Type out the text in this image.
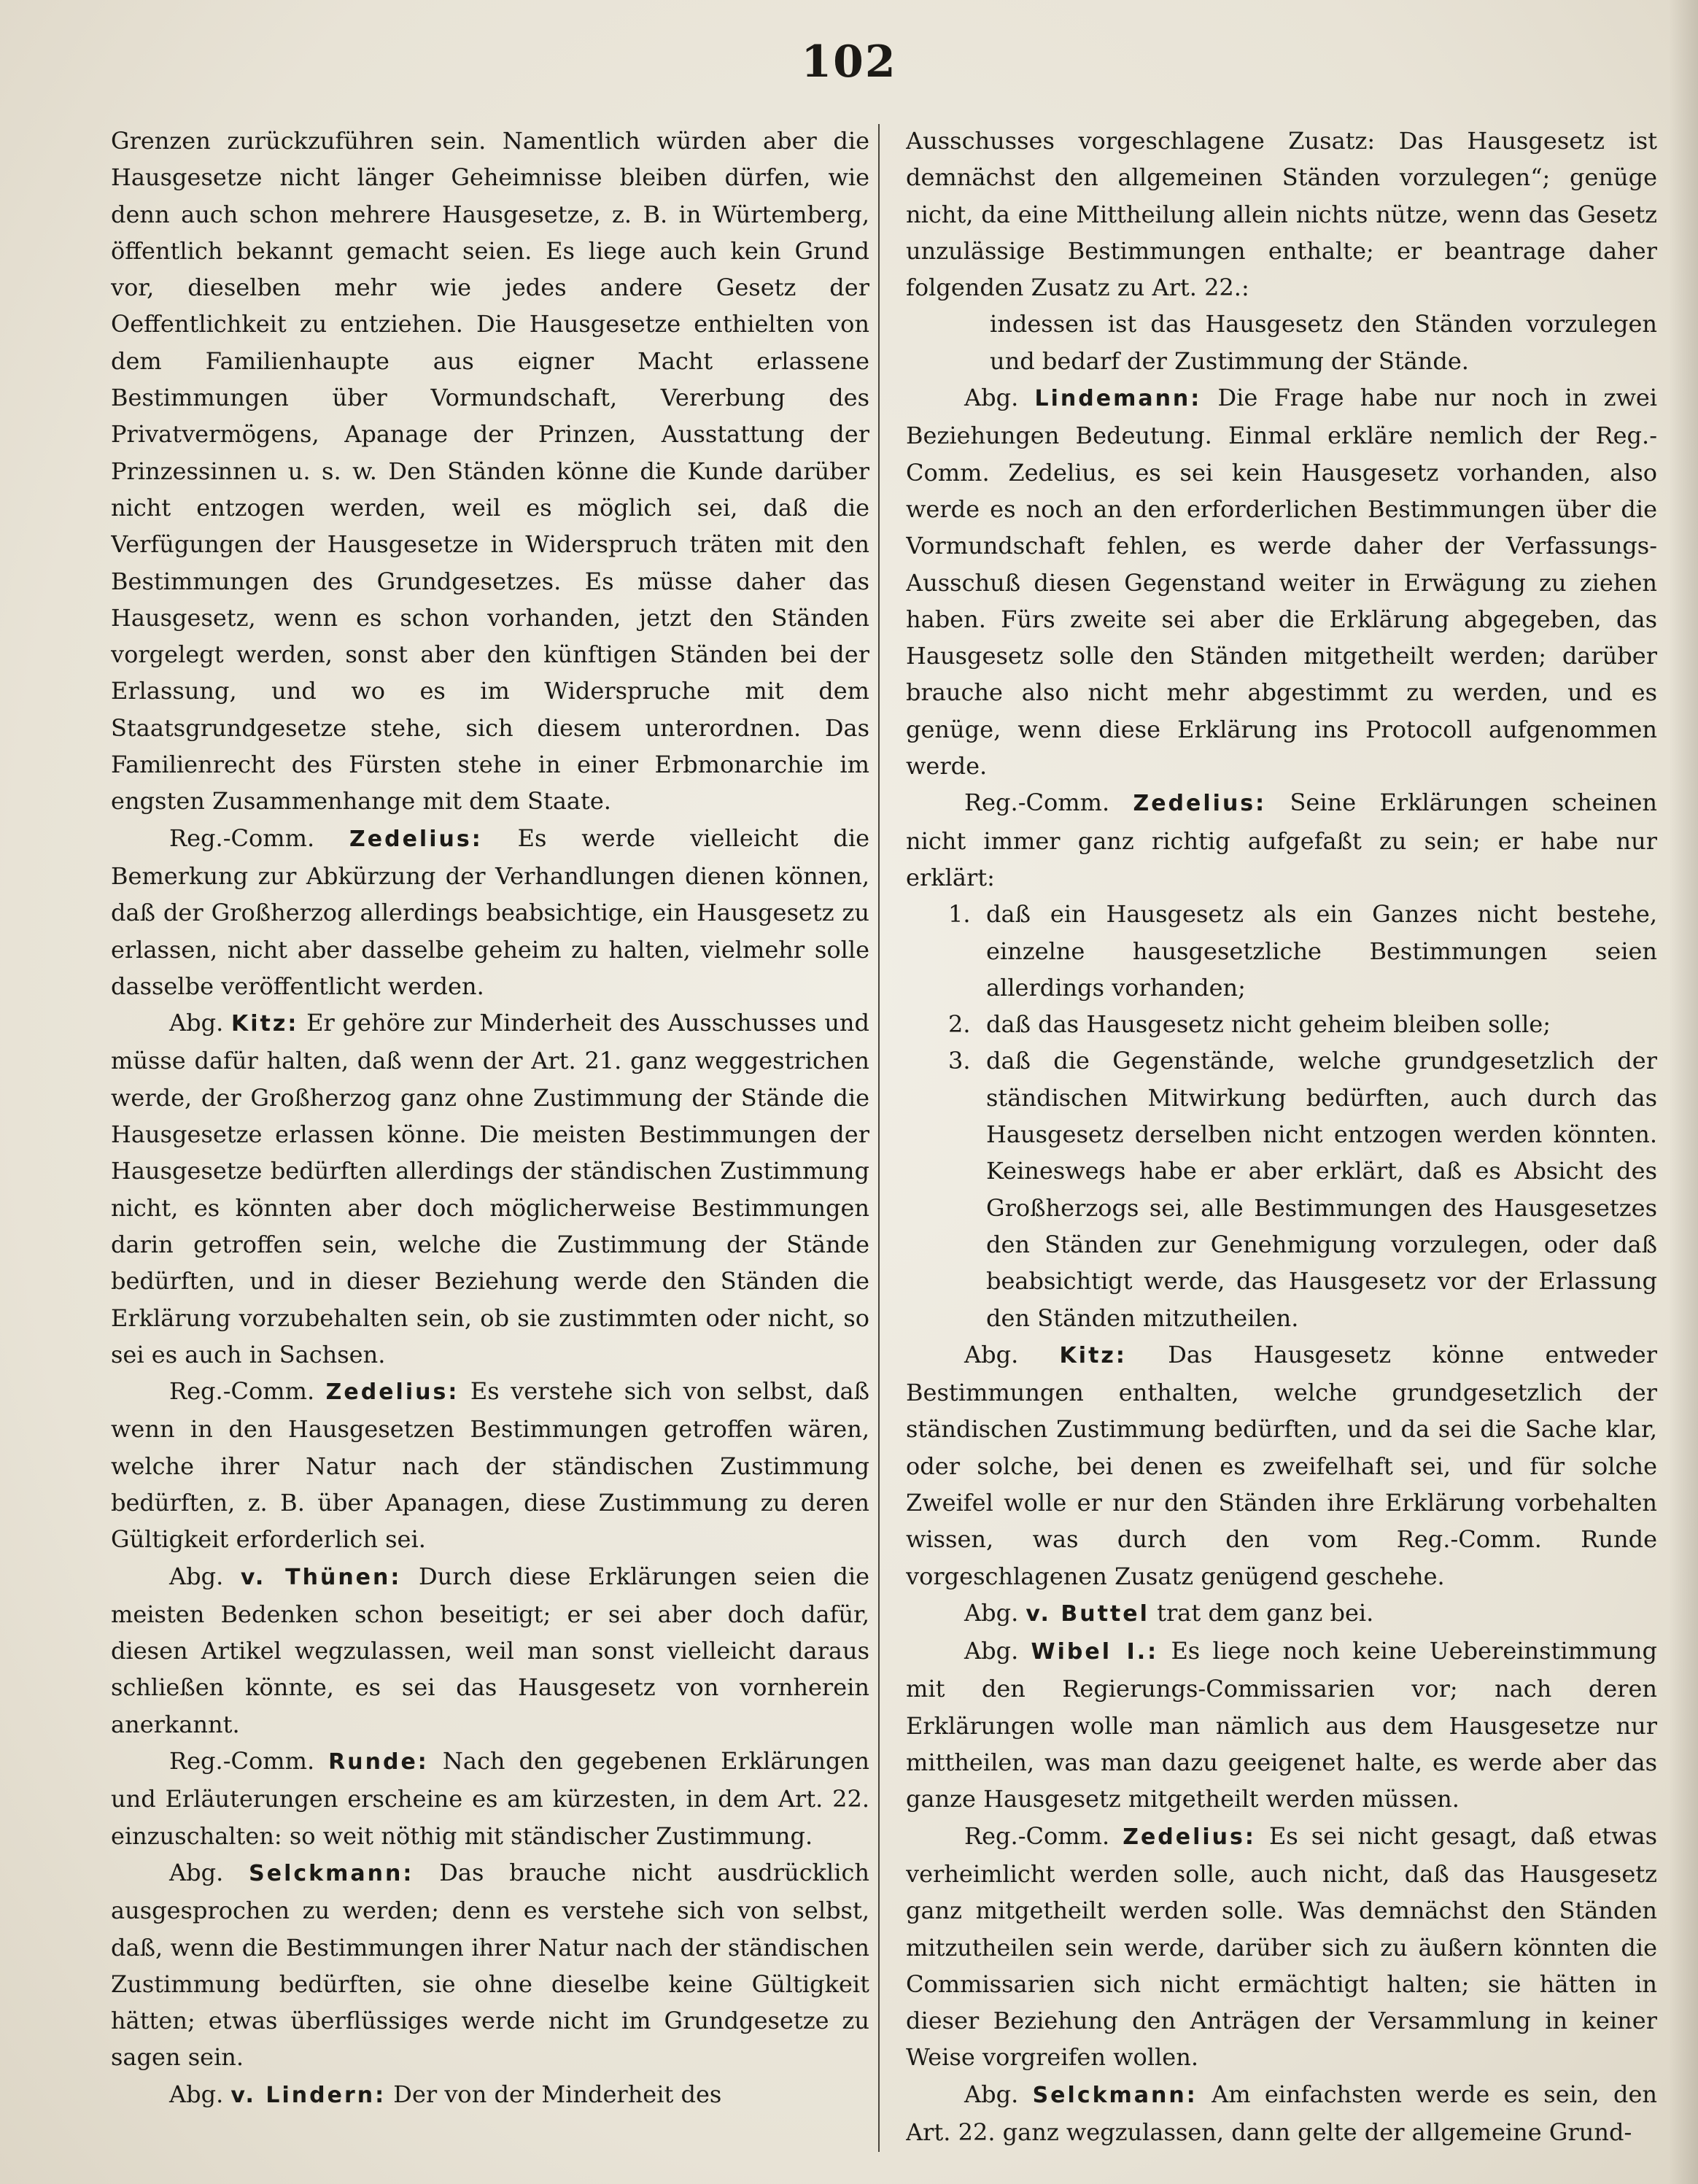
102

Grenzen zurückzuführen sein. Namentlich würden aber die Hausgesetze nicht länger Geheimnisse bleiben dürfen, wie denn auch schon mehrere Hausgesetze, z. B. in Würtemberg, öffentlich bekannt gemacht seien. Es liege auch kein Grund vor, dieselben mehr wie jedes andere Gesetz der Oeffentlichkeit zu entziehen. Die Hausgesetze enthielten von dem Familienhaupte aus eigner Macht erlassene Bestimmungen über Vormundschaft, Vererbung des Privatvermögens, Apanage der Prinzen, Ausstattung der Prinzessinnen u. s. w. Den Ständen könne die Kunde darüber nicht entzogen werden, weil es möglich sei, daß die Verfügungen der Hausgesetze in Widerspruch träten mit den Bestimmungen des Grundgesetzes. Es müsse daher das Hausgesetz, wenn es schon vorhanden, jetzt den Ständen vorgelegt werden, sonst aber den künftigen Ständen bei der Erlassung, und wo es im Widerspruche mit dem Staatsgrundgesetze stehe, sich diesem unterordnen. Das Familienrecht des Fürsten stehe in einer Erbmonarchie im engsten Zusammenhange mit dem Staate.

Reg.-Comm. Zedelius: Es werde vielleicht die Bemerkung zur Abkürzung der Verhandlungen dienen können, daß der Großherzog allerdings beabsichtige, ein Hausgesetz zu erlassen, nicht aber dasselbe geheim zu halten, vielmehr solle dasselbe veröffentlicht werden.

Abg. Kitz: Er gehöre zur Minderheit des Ausschusses und müsse dafür halten, daß wenn der Art. 21. ganz weggestrichen werde, der Großherzog ganz ohne Zustimmung der Stände die Hausgesetze erlassen könne. Die meisten Bestimmungen der Hausgesetze bedürften allerdings der ständischen Zustimmung nicht, es könnten aber doch möglicherweise Bestimmungen darin getroffen sein, welche die Zustimmung der Stände bedürften, und in dieser Beziehung werde den Ständen die Erklärung vorzubehalten sein, ob sie zustimmten oder nicht, so sei es auch in Sachsen.

Reg.-Comm. Zedelius: Es verstehe sich von selbst, daß wenn in den Hausgesetzen Bestimmungen getroffen wären, welche ihrer Natur nach der ständischen Zustimmung bedürften, z. B. über Apanagen, diese Zustimmung zu deren Gültigkeit erforderlich sei.

Abg. v. Thünen: Durch diese Erklärungen seien die meisten Bedenken schon beseitigt; er sei aber doch dafür, diesen Artikel wegzulassen, weil man sonst vielleicht daraus schließen könnte, es sei das Hausgesetz von vornherein anerkannt.

Reg.-Comm. Runde: Nach den gegebenen Erklärungen und Erläuterungen erscheine es am kürzesten, in dem Art. 22. einzuschalten: so weit nöthig mit ständischer Zustimmung.

Abg. Selckmann: Das brauche nicht ausdrücklich ausgesprochen zu werden; denn es verstehe sich von selbst, daß, wenn die Bestimmungen ihrer Natur nach der ständischen Zustimmung bedürften, sie ohne dieselbe keine Gültigkeit hätten; etwas überflüssiges werde nicht im Grundgesetze zu sagen sein.

Abg. v. Lindern: Der von der Minderheit des

Ausschusses vorgeschlagene Zusatz: Das Hausgesetz ist demnächst den allgemeinen Ständen vorzulegen“; genüge nicht, da eine Mittheilung allein nichts nütze, wenn das Gesetz unzulässige Bestimmungen enthalte; er beantrage daher folgenden Zusatz zu Art. 22.:

indessen ist das Hausgesetz den Ständen vorzulegen und bedarf der Zustimmung der Stände.

Abg. Lindemann: Die Frage habe nur noch in zwei Beziehungen Bedeutung. Einmal erkläre nemlich der Reg.-Comm. Zedelius, es sei kein Hausgesetz vorhanden, also werde es noch an den erforderlichen Bestimmungen über die Vormundschaft fehlen, es werde daher der Verfassungs-Ausschuß diesen Gegenstand weiter in Erwägung zu ziehen haben. Fürs zweite sei aber die Erklärung abgegeben, das Hausgesetz solle den Ständen mitgetheilt werden; darüber brauche also nicht mehr abgestimmt zu werden, und es genüge, wenn diese Erklärung ins Protocoll aufgenommen werde.

Reg.-Comm. Zedelius: Seine Erklärungen scheinen nicht immer ganz richtig aufgefaßt zu sein; er habe nur erklärt:

1. daß ein Hausgesetz als ein Ganzes nicht bestehe, einzelne hausgesetzliche Bestimmungen seien allerdings vorhanden;
2. daß das Hausgesetz nicht geheim bleiben solle;
3. daß die Gegenstände, welche grundgesetzlich der ständischen Mitwirkung bedürften, auch durch das Hausgesetz derselben nicht entzogen werden könnten. Keineswegs habe er aber erklärt, daß es Absicht des Großherzogs sei, alle Bestimmungen des Hausgesetzes den Ständen zur Genehmigung vorzulegen, oder daß beabsichtigt werde, das Hausgesetz vor der Erlassung den Ständen mitzutheilen.

Abg. Kitz: Das Hausgesetz könne entweder Bestimmungen enthalten, welche grundgesetzlich der ständischen Zustimmung bedürften, und da sei die Sache klar, oder solche, bei denen es zweifelhaft sei, und für solche Zweifel wolle er nur den Ständen ihre Erklärung vorbehalten wissen, was durch den vom Reg.-Comm. Runde vorgeschlagenen Zusatz genügend geschehe.

Abg. v. Buttel trat dem ganz bei.

Abg. Wibel I.: Es liege noch keine Uebereinstimmung mit den Regierungs-Commissarien vor; nach deren Erklärungen wolle man nämlich aus dem Hausgesetze nur mittheilen, was man dazu geeigenet halte, es werde aber das ganze Hausgesetz mitgetheilt werden müssen.

Reg.-Comm. Zedelius: Es sei nicht gesagt, daß etwas verheimlicht werden solle, auch nicht, daß das Hausgesetz ganz mitgetheilt werden solle. Was demnächst den Ständen mitzutheilen sein werde, darüber sich zu äußern könnten die Commissarien sich nicht ermächtigt halten; sie hätten in dieser Beziehung den Anträgen der Versammlung in keiner Weise vorgreifen wollen.

Abg. Selckmann: Am einfachsten werde es sein, den Art. 22. ganz wegzulassen, dann gelte der allgemeine Grund-
